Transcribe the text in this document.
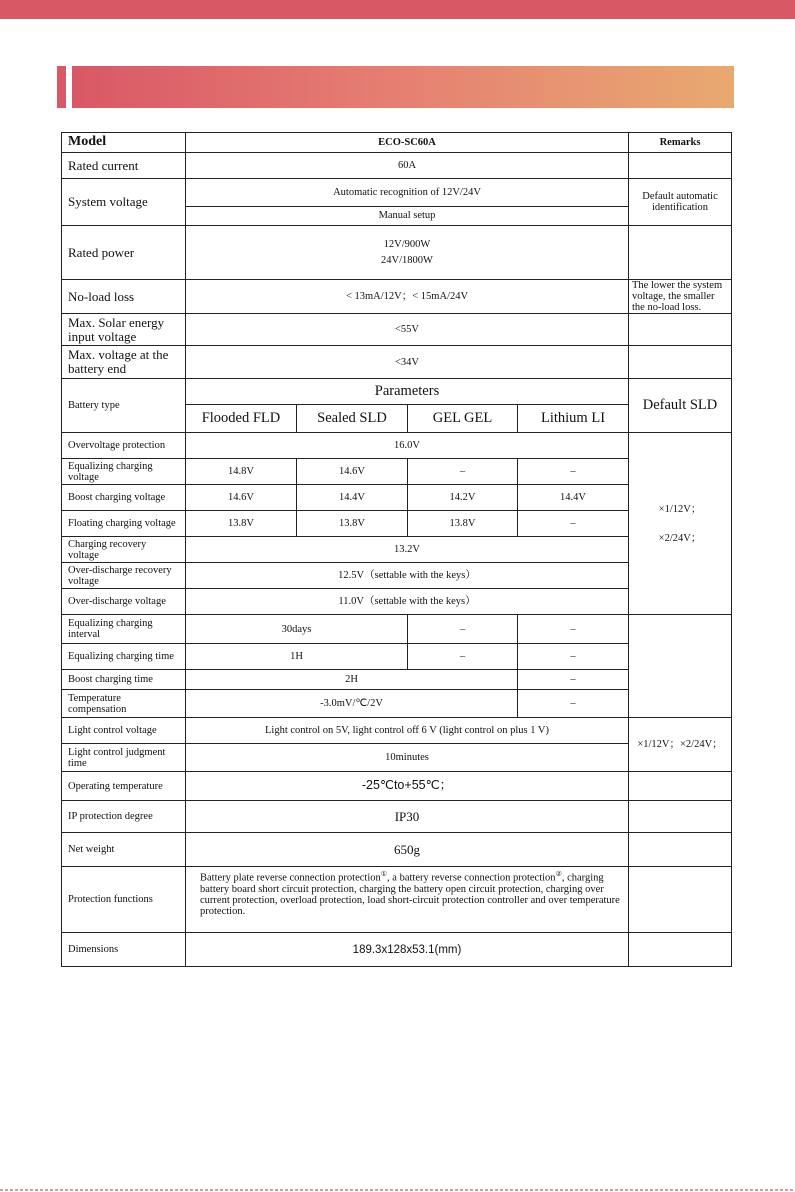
Model	ECO-SC60A				Remarks
Rated current	60A				
System voltage	Automatic recognition of 12V/24V				Default automatic identification
	Manual setup				
Rated power	12V/900W
24V/1800W				

No-load loss	< 13mA/12V；< 15mA/24V				The lower the system voltage, the smaller the no-load loss.
Max. Solar energy input voltage	<55V				
Max. voltage at the battery end	<34V				
Battery type	Parameters				Default SLD
	Flooded FLD	Sealed SLD	GEL GEL	Lithium LI	
Overvoltage protection	16.0V				×1/12V；
×2/24V；

Equalizing charging voltage	14.8V	14.6V	–	–	
Boost charging voltage	14.6V	14.4V	14.2V	14.4V	
Floating charging voltage	13.8V	13.8V	13.8V	–	
Charging recovery voltage	13.2V				
Over-discharge recovery voltage	12.5V（settable with the keys）				
Over-discharge voltage	11.0V（settable with the keys）				
Equalizing charging interval	30days		–	–	
Equalizing charging time	1H		–	–	
Boost charging time	2H			–	
Temperature compensation	-3.0mV/℃/2V			–	
Light control voltage	Light control on 5V, light control off 6 V (light control on plus 1 V)				×1/12V；×2/24V；
Light control judgment time	10minutes				
Operating temperature	-25℃to+55℃；				
IP protection degree	IP30				
Net weight	650g				
Protection functions	Battery plate reverse connection protection①, a battery reverse connection protection②, charging battery board short circuit protection, charging the battery open circuit protection, charging over current protection, overload protection, load short-circuit protection controller and over temperature protection.				
Dimensions	189.3x128x53.1(mm)				
